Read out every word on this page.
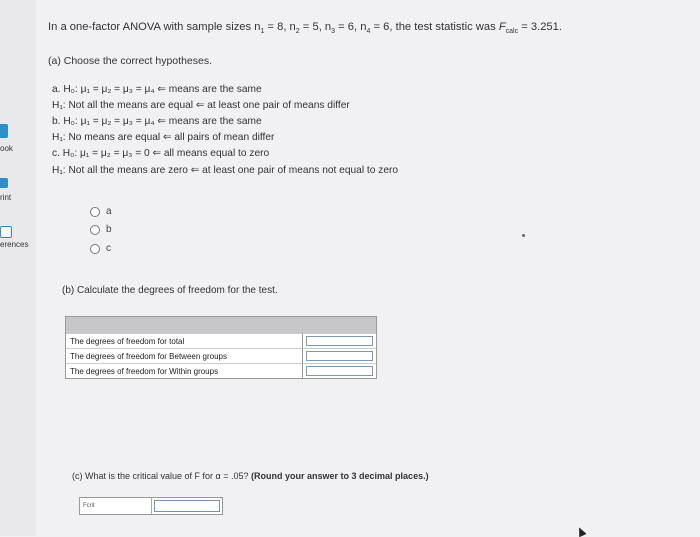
ook
rint
erences
In a one-factor ANOVA with sample sizes $n_1 = 8$, $n_2 = 5$, $n_3 = 6$, $n_4 = 6$, the test statistic was $F_{calc} = 3.251$.
(a) Choose the correct hypotheses.
a. H₀: μ₁ = μ₂ = μ₃ = μ₄ ⇐ means are the same
H₁: Not all the means are equal ⇐ at least one pair of means differ
b. H₀: μ₁ = μ₂ = μ₃ = μ₄ ⇐ means are the same
H₁: No means are equal ⇐ all pairs of mean differ
c. H₀: μ₁ = μ₂ = μ₃ = 0 ⇐ all means equal to zero
H₁: Not all the means are zero ⇐ at least one pair of means not equal to zero
a
b
c
(b) Calculate the degrees of freedom for the test.
The degrees of freedom for total
The degrees of freedom for Between groups
The degrees of freedom for Within groups
(c) What is the critical value of F for α = .05? (Round your answer to 3 decimal places.)
Fcrit
